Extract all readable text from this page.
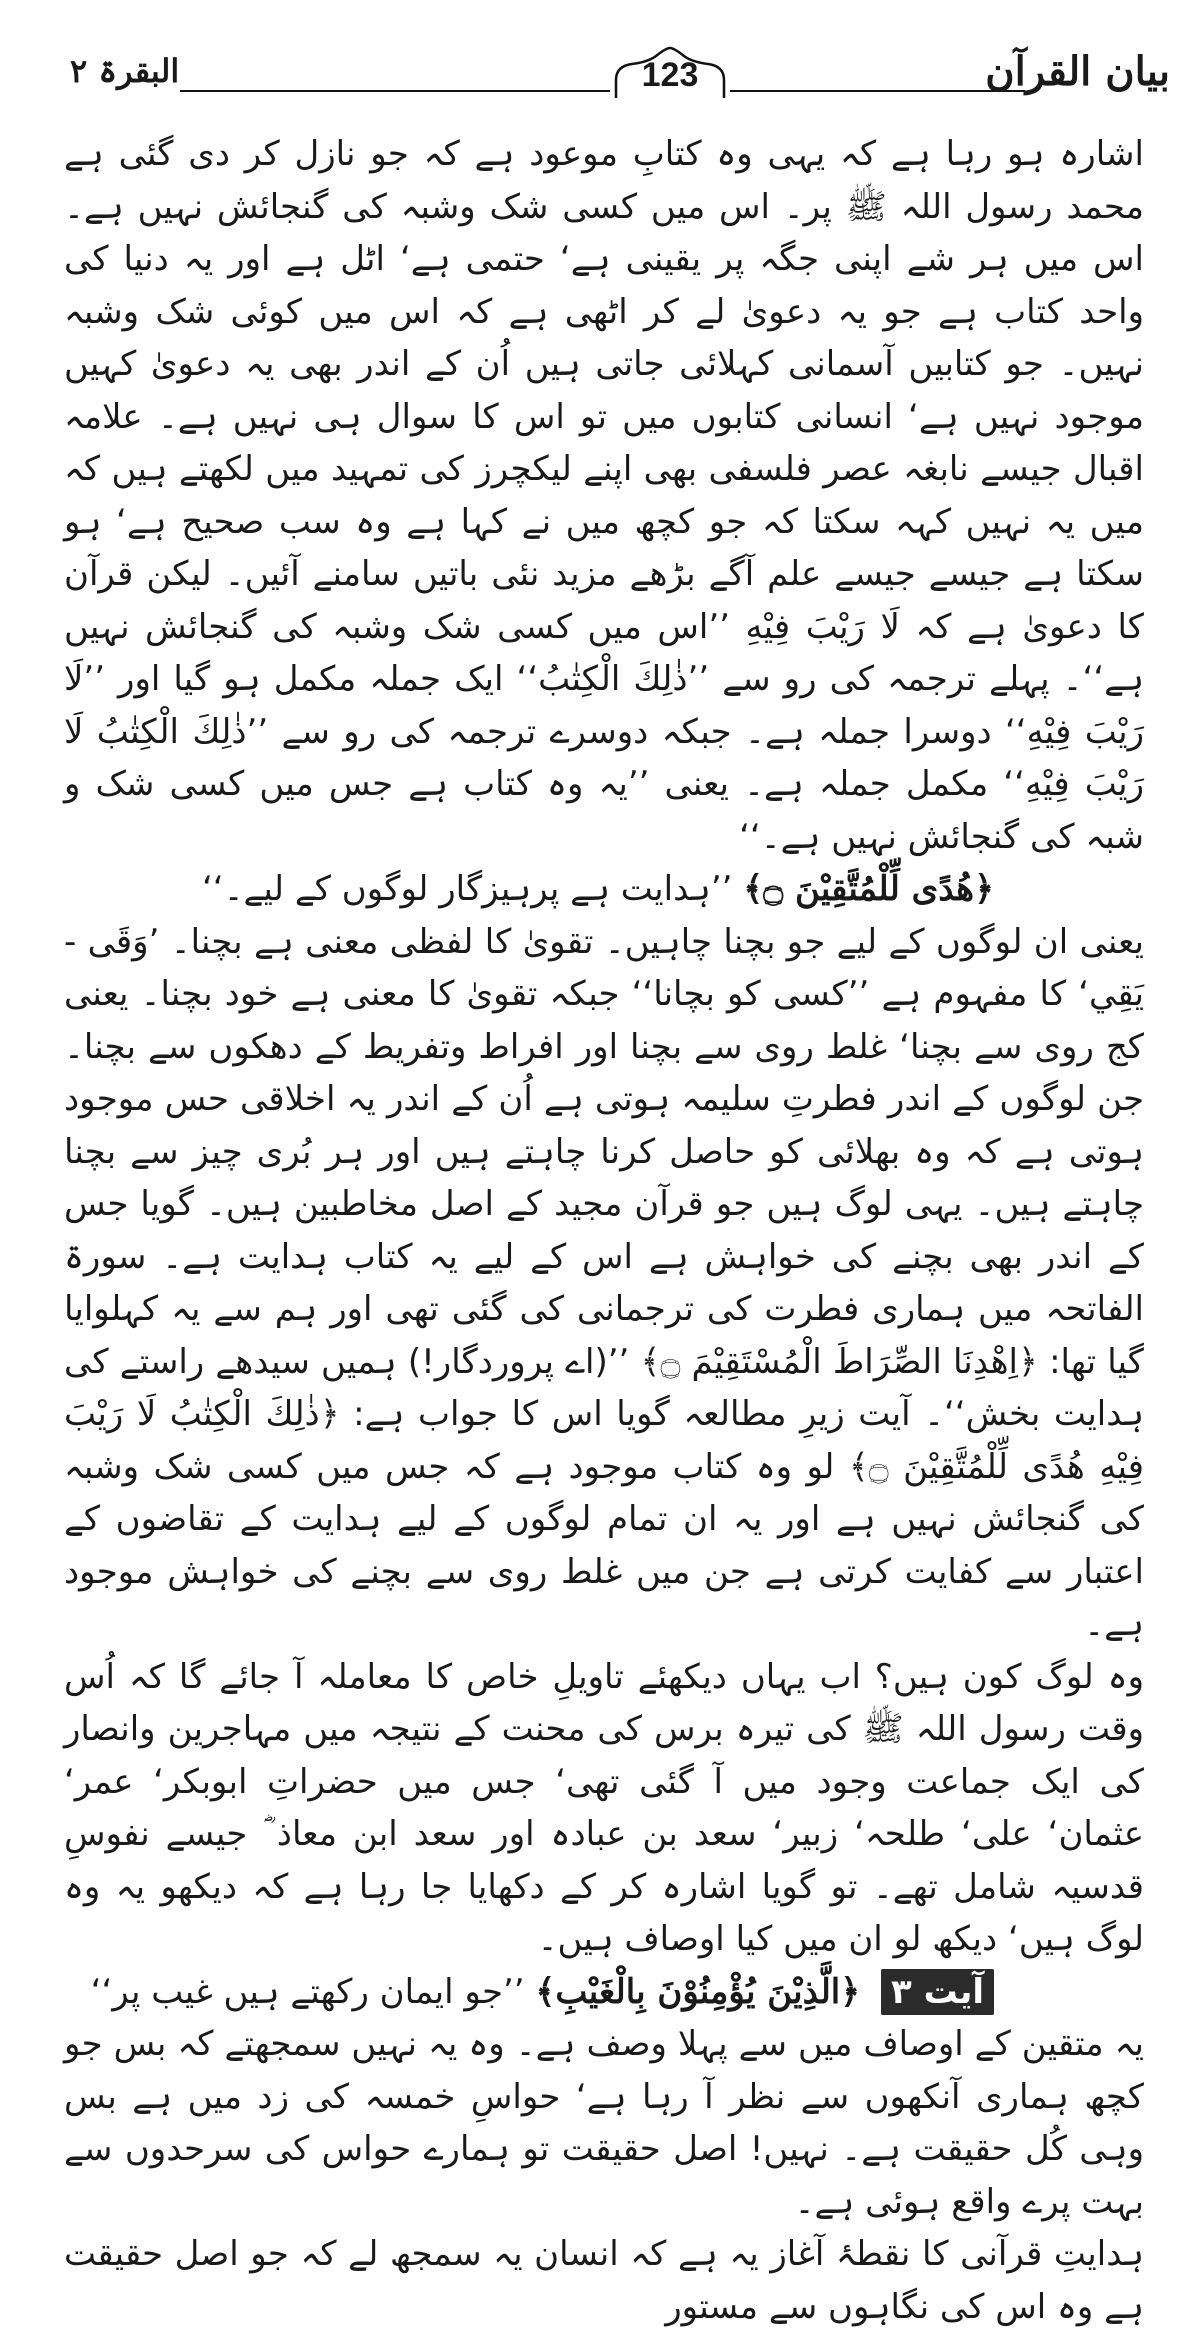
بیان القرآن
البقرۃ ۲	123

اشارہ ہو رہا ہے کہ یہی وہ کتابِ موعود ہے کہ جو نازل کر دی گئی ہے محمد رسول اللہ ﷺ پر۔ اس میں کسی شک وشبہ کی گنجائش نہیں ہے۔ اس میں ہر شے اپنی جگہ پر یقینی ہے‘ حتمی ہے‘ اٹل ہے اور یہ دنیا کی واحد کتاب ہے جو یہ دعویٰ لے کر اٹھی ہے کہ اس میں کوئی شک وشبہ نہیں۔ جو کتابیں آسمانی کہلائی جاتی ہیں اُن کے اندر بھی یہ دعویٰ کہیں موجود نہیں ہے‘ انسانی کتابوں میں تو اس کا سوال ہی نہیں ہے۔ علامہ اقبال جیسے نابغہ عصر فلسفی بھی اپنے لیکچرز کی تمہید میں لکھتے ہیں کہ میں یہ نہیں کہہ سکتا کہ جو کچھ میں نے کہا ہے وہ سب صحیح ہے‘ ہو سکتا ہے جیسے جیسے علم آگے بڑھے مزید نئی باتیں سامنے آئیں۔ لیکن قرآن کا دعویٰ ہے کہ لَا رَيْبَ فِيْهِ ’’اس میں کسی شک وشبہ کی گنجائش نہیں ہے‘‘۔ پہلے ترجمہ کی رو سے ’’ذٰلِكَ الْكِتٰبُ‘‘ ایک جملہ مکمل ہو گیا اور ’’لَا رَيْبَ فِيْهِ‘‘ دوسرا جملہ ہے۔ جبکہ دوسرے ترجمہ کی رو سے ’’ذٰلِكَ الْكِتٰبُ لَا رَيْبَ فِيْهِ‘‘ مکمل جملہ ہے۔ یعنی ’’یہ وہ کتاب ہے جس میں کسی شک و شبہ کی گنجائش نہیں ہے۔‘‘

﴿هُدًى لِّلْمُتَّقِيْنَ ۝﴾ ’’ہدایت ہے پرہیزگار لوگوں کے لیے۔‘‘

یعنی ان لوگوں کے لیے جو بچنا چاہیں۔ تقویٰ کا لفظی معنی ہے بچنا۔ ’وَقَى - يَقِي‘ کا مفہوم ہے ’’کسی کو بچانا‘‘ جبکہ تقویٰ کا معنی ہے خود بچنا۔ یعنی کج روی سے بچنا‘ غلط روی سے بچنا اور افراط وتفریط کے دھکوں سے بچنا۔ جن لوگوں کے اندر فطرتِ سلیمہ ہوتی ہے اُن کے اندر یہ اخلاقی حس موجود ہوتی ہے کہ وہ بھلائی کو حاصل کرنا چاہتے ہیں اور ہر بُری چیز سے بچنا چاہتے ہیں۔ یہی لوگ ہیں جو قرآن مجید کے اصل مخاطبین ہیں۔ گویا جس کے اندر بھی بچنے کی خواہش ہے اس کے لیے یہ کتاب ہدایت ہے۔ سورۃ الفاتحہ میں ہماری فطرت کی ترجمانی کی گئی تھی اور ہم سے یہ کہلوایا گیا تھا: ﴿اِهْدِنَا الصِّرَاطَ الْمُسْتَقِيْمَ ۝﴾ ’’(اے پروردگار!) ہمیں سیدھے راستے کی ہدایت بخش‘‘۔ آیت زیرِ مطالعہ گویا اس کا جواب ہے: ﴿ذٰلِكَ الْكِتٰبُ لَا رَيْبَ فِيْهِ هُدًى لِّلْمُتَّقِيْنَ ۝﴾ لو وہ کتاب موجود ہے کہ جس میں کسی شک وشبہ کی گنجائش نہیں ہے اور یہ ان تمام لوگوں کے لیے ہدایت کے تقاضوں کے اعتبار سے کفایت کرتی ہے جن میں غلط روی سے بچنے کی خواہش موجود ہے۔

وہ لوگ کون ہیں؟ اب یہاں دیکھئے تاویلِ خاص کا معاملہ آ جائے گا کہ اُس وقت رسول اللہ ﷺ کی تیرہ برس کی محنت کے نتیجہ میں مہاجرین وانصار کی ایک جماعت وجود میں آ گئی تھی‘ جس میں حضراتِ ابوبکر‘ عمر‘ عثمان‘ علی‘ طلحہ‘ زبیر‘ سعد بن عبادہ اور سعد ابن معاذ ؓ جیسے نفوسِ قدسیہ شامل تھے۔ تو گویا اشارہ کر کے دکھایا جا رہا ہے کہ دیکھو یہ وہ لوگ ہیں‘ دیکھ لو ان میں کیا اوصاف ہیں۔

آیت ۳ ﴿الَّذِيْنَ يُؤْمِنُوْنَ بِالْغَيْبِ﴾ ’’جو ایمان رکھتے ہیں غیب پر‘‘

یہ متقین کے اوصاف میں سے پہلا وصف ہے۔ وہ یہ نہیں سمجھتے کہ بس جو کچھ ہماری آنکھوں سے نظر آ رہا ہے‘ حواسِ خمسہ کی زد میں ہے بس وہی کُل حقیقت ہے۔ نہیں! اصل حقیقت تو ہمارے حواس کی سرحدوں سے بہت پرے واقع ہوئی ہے۔

ہدایتِ قرآنی کا نقطۂ آغاز یہ ہے کہ انسان یہ سمجھ لے کہ جو اصل حقیقت ہے وہ اس کی نگاہوں سے مستور
